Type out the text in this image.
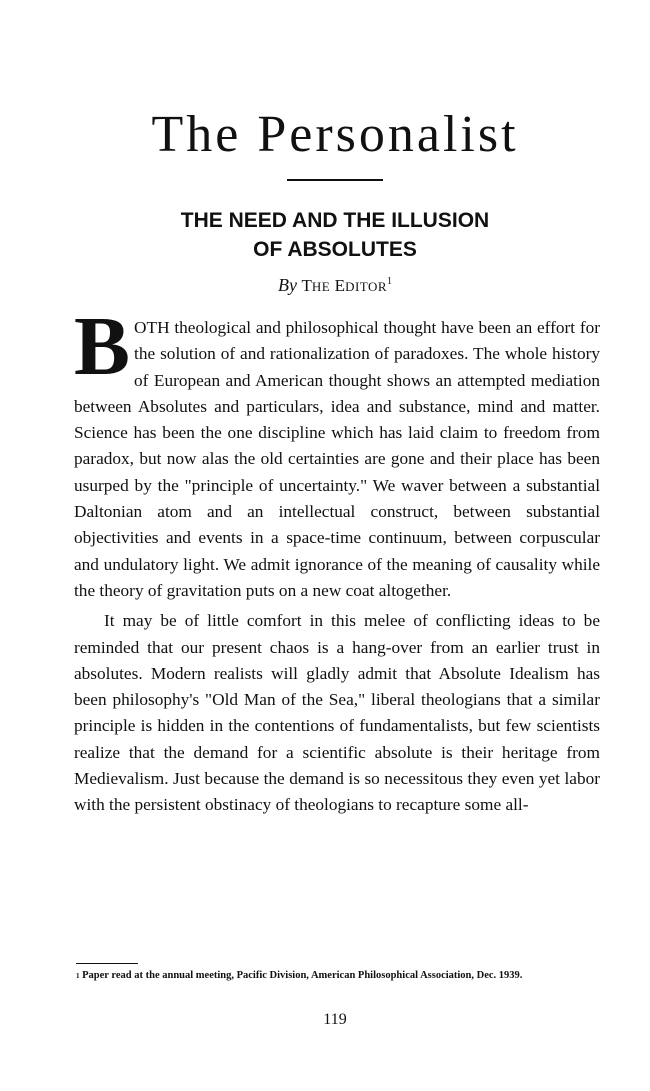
The Personalist
THE NEED AND THE ILLUSION
OF ABSOLUTES
By THE EDITOR$^1$

BOTH theological and philosophical thought have been an effort for the solution of and rationalization of paradoxes. The whole history of European and American thought shows an attempted mediation between Absolutes and particulars, idea and substance, mind and matter. Science has been the one discipline which has laid claim to freedom from paradox, but now alas the old certainties are gone and their place has been usurped by the "principle of uncertainty." We waver between a substantial Daltonian atom and an intellectual construct, between substantial objectivities and events in a space-time continuum, between corpuscular and undulatory light. We admit ignorance of the meaning of causality while the theory of gravitation puts on a new coat altogether.

It may be of little comfort in this melee of conflicting ideas to be reminded that our present chaos is a hang-over from an earlier trust in absolutes. Modern realists will gladly admit that Absolute Idealism has been philosophy's "Old Man of the Sea," liberal theologians that a similar principle is hidden in the contentions of fundamentalists, but few scientists realize that the demand for a scientific absolute is their heritage from Medievalism. Just because the demand is so necessitous they even yet labor with the persistent obstinacy of theologians to recapture some all-

$^1$ Paper read at the annual meeting, Pacific Division, American Philosophical Association, Dec. 1939.
119
